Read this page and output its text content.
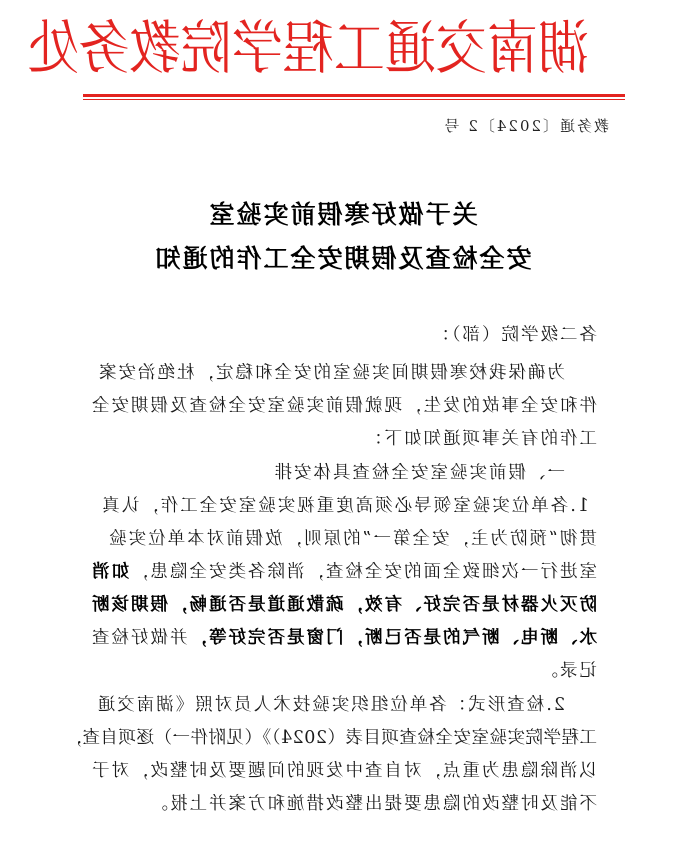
湖南交通工程学院教务处
教务通〔2024〕2 号
关于做好寒假前实验室
安全检查及假期安全工作的通知
各二级学院（部）：
为确保我校寒假期间实验室的安全和稳定，杜绝治安案
件和安全事故的发生，现就假前实验室安全检查及假期安全
工作的有关事项通知如下：
一、假前实验室安全检查具体安排
1.各单位实验室领导必须高度重视实验室安全工作，认真
贯彻“预防为主，安全第一”的原则，放假前对本单位实验
室进行一次细致全面的安全检查，消除各类安全隐患，如消
防灭火器材是否完好、有效，疏散通道是否通畅，假期该断
水、断电、断气的是否已断，门窗是否完好等，并做好检查
记录。
2.检查形式：各单位组织实验技术人员对照《湖南交通
工程学院实验室安全检查项目表（2024）》（见附件一）逐项自查，
以消除隐患为重点，对自查中发现的问题要及时整改，对于
不能及时整改的隐患要提出整改措施和方案并上报。
